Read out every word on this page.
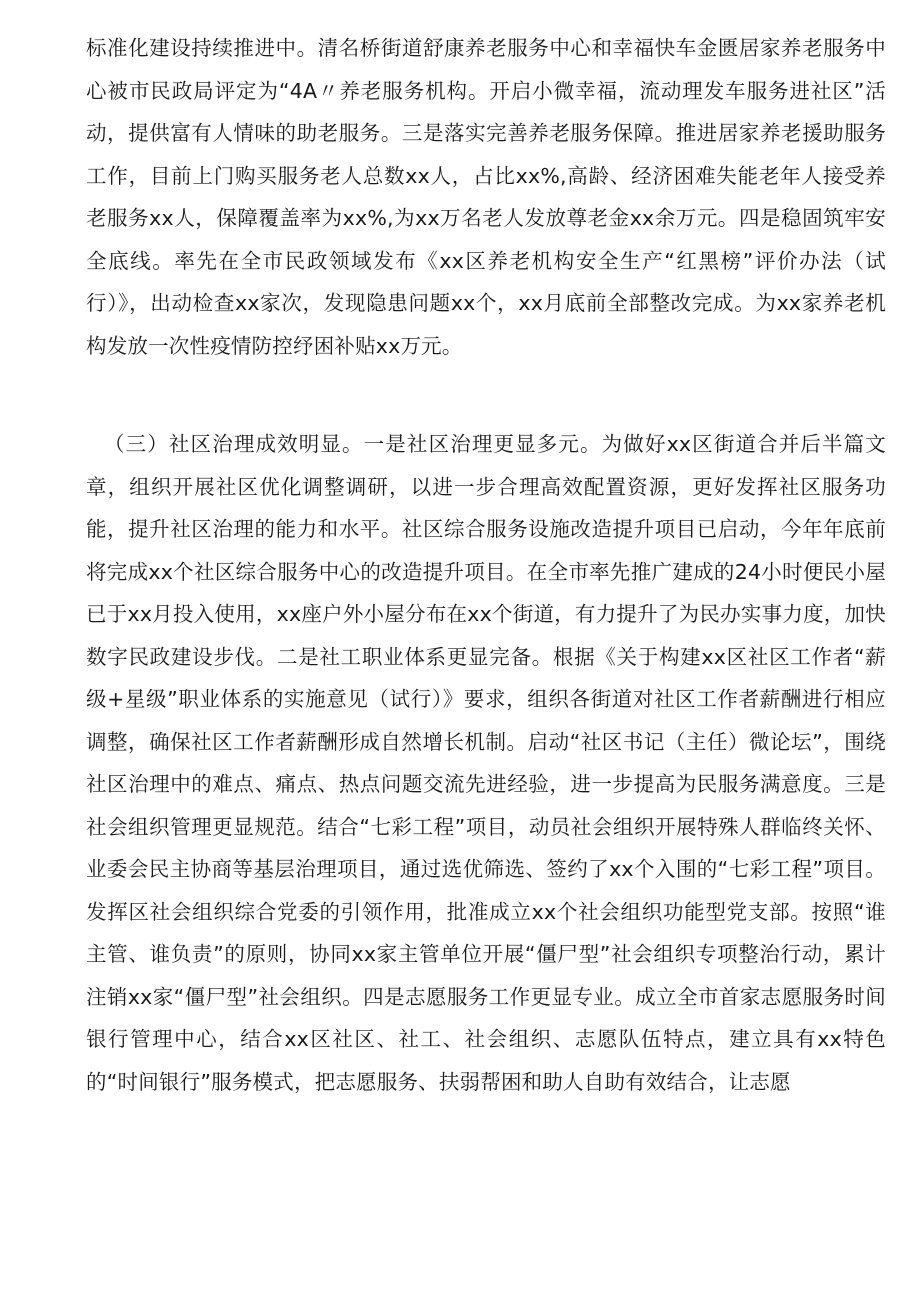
标准化建设持续推进中。清名桥街道舒康养老服务中心和幸福快车金匮居家养老服务中心被市民政局评定为“4A〃养老服务机构。开启小微幸福，流动理发车服务进社区”活动，提供富有人情味的助老服务。三是落实完善养老服务保障。推进居家养老援助服务工作，目前上门购买服务老人总数xx人，占比xx%,高龄、经济困难失能老年人接受养老服务xx人，保障覆盖率为xx%,为xx万名老人发放尊老金xx余万元。四是稳固筑牢安全底线。率先在全市民政领域发布《xx区养老机构安全生产“红黑榜”评价办法（试行）》，出动检查xx家次，发现隐患问题xx个，xx月底前全部整改完成。为xx家养老机构发放一次性疫情防控纾困补贴xx万元。

（三）社区治理成效明显。一是社区治理更显多元。为做好xx区街道合并后半篇文章，组织开展社区优化调整调研，以进一步合理高效配置资源，更好发挥社区服务功能，提升社区治理的能力和水平。社区综合服务设施改造提升项目已启动，今年年底前将完成xx个社区综合服务中心的改造提升项目。在全市率先推广建成的24小时便民小屋已于xx月投入使用，xx座户外小屋分布在xx个街道，有力提升了为民办实事力度，加快数字民政建设步伐。二是社工职业体系更显完备。根据《关于构建xx区社区工作者“薪级+星级”职业体系的实施意见（试行）》要求，组织各街道对社区工作者薪酬进行相应调整，确保社区工作者薪酬形成自然增长机制。启动“社区书记（主任）微论坛”，围绕社区治理中的难点、痛点、热点问题交流先进经验，进一步提高为民服务满意度。三是社会组织管理更显规范。结合“七彩工程”项目，动员社会组织开展特殊人群临终关怀、业委会民主协商等基层治理项目，通过选优筛选、签约了xx个入围的“七彩工程”项目。发挥区社会组织综合党委的引领作用，批准成立xx个社会组织功能型党支部。按照“谁主管、谁负责”的原则，协同xx家主管单位开展“僵尸型”社会组织专项整治行动，累计注销xx家“僵尸型”社会组织。四是志愿服务工作更显专业。成立全市首家志愿服务时间银行管理中心，结合xx区社区、社工、社会组织、志愿队伍特点，建立具有xx特色的“时间银行”服务模式，把志愿服务、扶弱帮困和助人自助有效结合，让志愿
